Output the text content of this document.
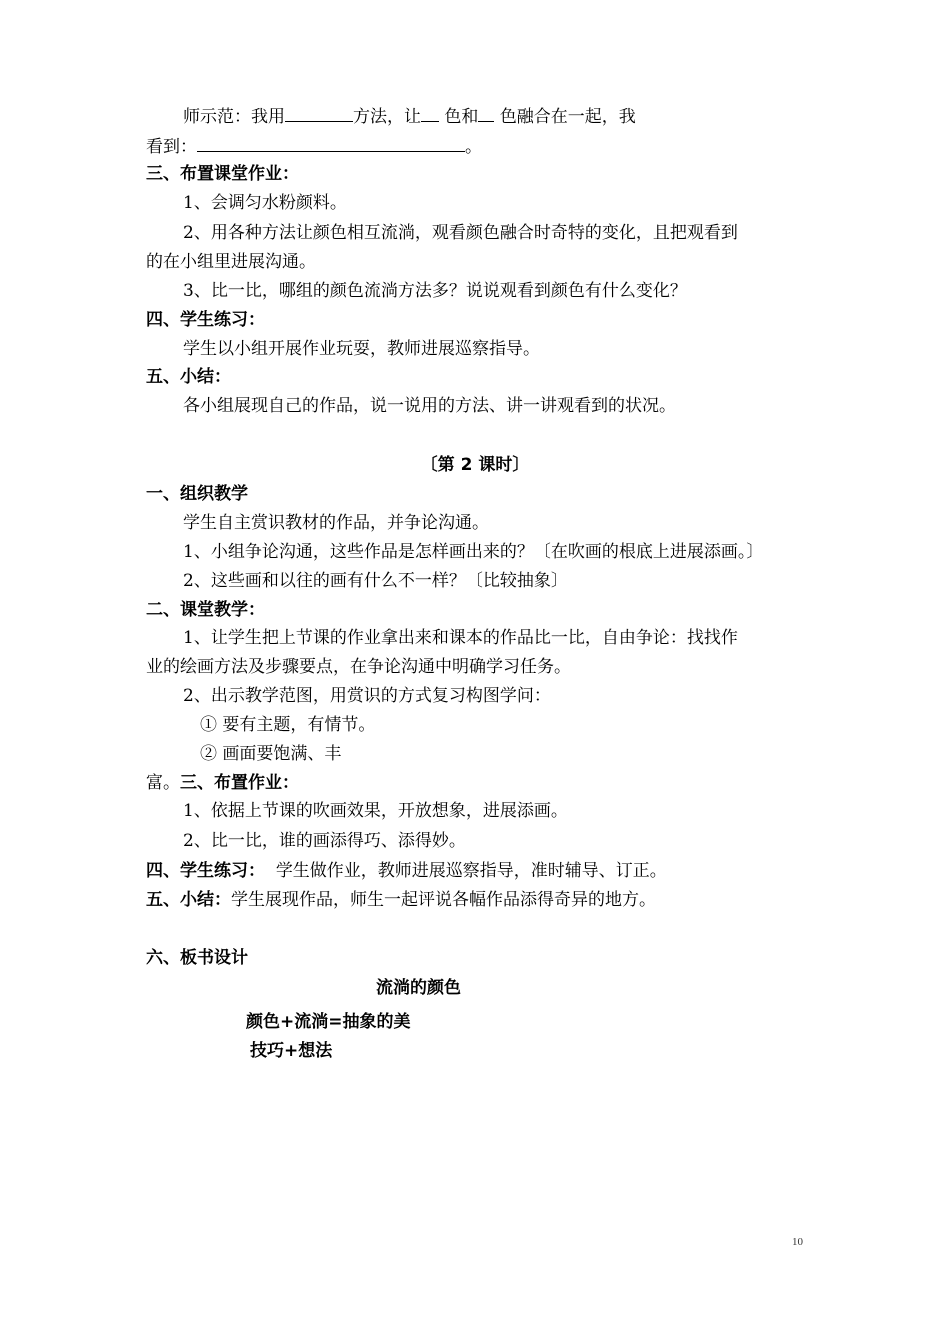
师示范：我用	方法，让 色和 色融合在一起，我
看到：	。
三、布置课堂作业：
1、会调匀水粉颜料。
2、用各种方法让颜色相互流淌，观看颜色融合时奇特的变化，且把观看到
的在小组里进展沟通。
3、比一比，哪组的颜色流淌方法多？说说观看到颜色有什么变化？
四、学生练习：
学生以小组开展作业玩耍，教师进展巡察指导。
五、小结：
各小组展现自己的作品，说一说用的方法、讲一讲观看到的状况。
〔第 2 课时〕
一、组织教学
学生自主赏识教材的作品，并争论沟通。
1、小组争论沟通，这些作品是怎样画出来的？〔在吹画的根底上进展添画。〕
2、这些画和以往的画有什么不一样？〔比较抽象〕
二、课堂教学：
1、让学生把上节课的作业拿出来和课本的作品比一比，自由争论：找找作
业的绘画方法及步骤要点，在争论沟通中明确学习任务。
2、出示教学范图，用赏识的方式复习构图学问：
① 要有主题，有情节。
② 画面要饱满、丰
富。三、布置作业：
1、依据上节课的吹画效果，开放想象，进展添画。
2、比一比，谁的画添得巧、添得妙。
四、学生练习： 学生做作业，教师进展巡察指导，准时辅导、订正。
五、小结：学生展现作品，师生一起评说各幅作品添得奇异的地方。
六、板书设计
流淌的颜色
颜色+流淌=抽象的美
技巧+想法
10
